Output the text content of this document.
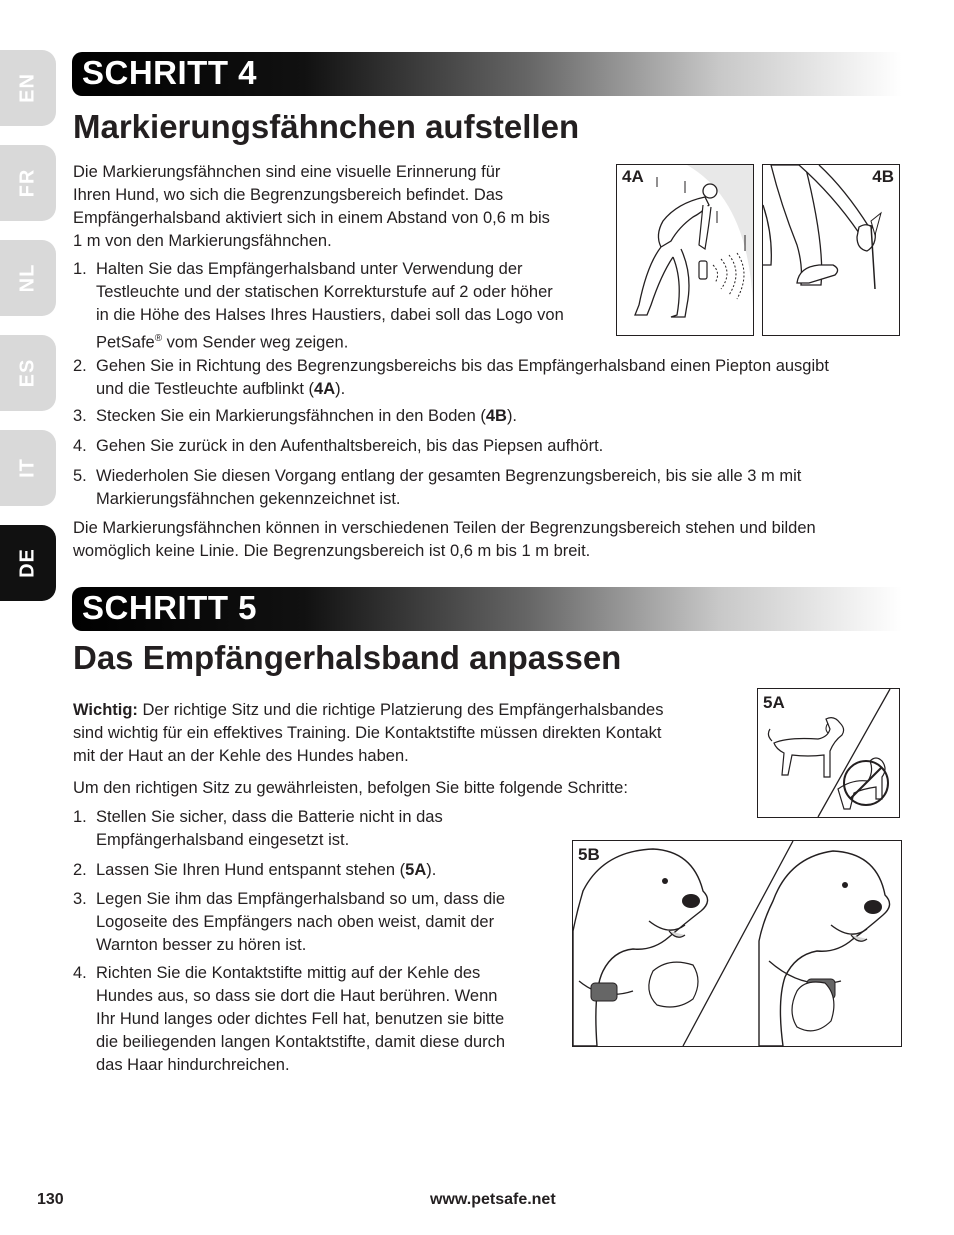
EN
FR
NL
ES
IT
DE
SCHRITT 4
Markierungsfähnchen aufstellen

Die Markierungsfähnchen sind eine visuelle Erinnerung für
Ihren Hund, wo sich die Begrenzungsbereich befindet. Das
Empfängerhalsband aktiviert sich in einem Abstand von 0,6 m bis
1 m von den Markierungsfähnchen.

1. Halten Sie das Empfängerhalsband unter Verwendung der
Testleuchte und der statischen Korrekturstufe auf 2 oder höher
in die Höhe des Halses Ihres Haustiers, dabei soll das Logo von
PetSafe® vom Sender weg zeigen.
2. Gehen Sie in Richtung des Begrenzungsbereichs bis das Empfängerhalsband einen Piepton ausgibt
und die Testleuchte aufblinkt (4A).
3. Stecken Sie ein Markierungsfähnchen in den Boden (4B).
4. Gehen Sie zurück in den Aufenthaltsbereich, bis das Piepsen aufhört.
5. Wiederholen Sie diesen Vorgang entlang der gesamten Begrenzungsbereich, bis sie alle 3 m mit
Markierungsfähnchen gekennzeichnet ist.

Die Markierungsfähnchen können in verschiedenen Teilen der Begrenzungsbereich stehen und bilden
womöglich keine Linie. Die Begrenzungsbereich ist 0,6 m bis 1 m breit.

4A	4B
SCHRITT 5
Das Empfängerhalsband anpassen

Wichtig: Der richtige Sitz und die richtige Platzierung des Empfängerhalsbandes
sind wichtig für ein effektives Training. Die Kontaktstifte müssen direkten Kontakt
mit der Haut an der Kehle des Hundes haben.

Um den richtigen Sitz zu gewährleisten, befolgen Sie bitte folgende Schritte:

1. Stellen Sie sicher, dass die Batterie nicht in das
Empfängerhalsband eingesetzt ist.
2. Lassen Sie Ihren Hund entspannt stehen (5A).
3. Legen Sie ihm das Empfängerhalsband so um, dass die
Logoseite des Empfängers nach oben weist, damit der
Warnton besser zu hören ist.
4. Richten Sie die Kontaktstifte mittig auf der Kehle des
Hundes aus, so dass sie dort die Haut berühren. Wenn
Ihr Hund langes oder dichtes Fell hat, benutzen sie bitte
die beiliegenden langen Kontaktstifte, damit diese durch
das Haar hindurchreichen.
5A
5B
130	www.petsafe.net
